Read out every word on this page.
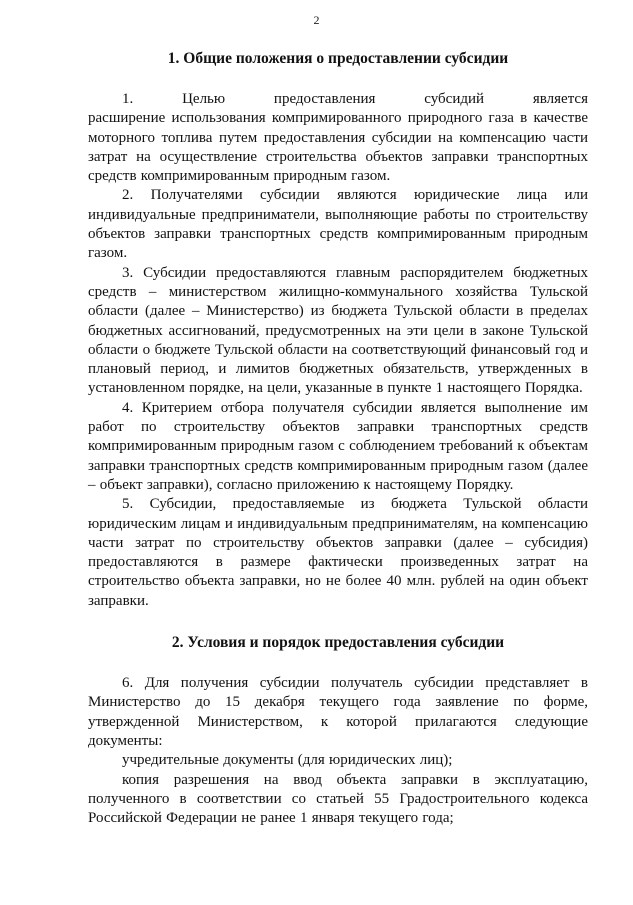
2

1. Общие положения о предоставлении субсидии

1.      Целью      предоставления      субсидий      является      расширение использования компримированного природного газа в качестве моторного топлива путем предоставления субсидии на компенсацию части затрат на осуществление строительства объектов заправки транспортных средств компримированным природным газом.

2. Получателями субсидии являются юридические лица или индивидуальные предприниматели, выполняющие работы по строительству объектов заправки транспортных средств компримированным природным газом.

3. Субсидии предоставляются главным распорядителем бюджетных средств – министерством жилищно-коммунального хозяйства Тульской области (далее – Министерство) из бюджета Тульской области в пределах бюджетных ассигнований, предусмотренных на эти цели в законе Тульской области о бюджете Тульской области на соответствующий финансовый год и плановый период, и лимитов бюджетных обязательств, утвержденных в установленном порядке, на цели, указанные в пункте 1 настоящего Порядка.

4. Критерием отбора получателя субсидии является выполнение им работ по строительству объектов заправки транспортных средств компримированным природным газом с соблюдением требований к объектам заправки транспортных средств компримированным природным газом (далее – объект заправки), согласно приложению к настоящему Порядку.

5. Субсидии, предоставляемые из бюджета Тульской области юридическим лицам и индивидуальным предпринимателям, на компенсацию части затрат по строительству объектов заправки (далее – субсидия) предоставляются в размере фактически произведенных затрат на строительство объекта заправки, но не более 40 млн. рублей на один объект заправки.

2. Условия и порядок предоставления субсидии

6. Для получения субсидии получатель субсидии представляет в Министерство до 15 декабря текущего года заявление по форме, утвержденной Министерством, к которой прилагаются следующие документы:

учредительные документы (для юридических лиц);

копия разрешения на ввод объекта заправки в эксплуатацию, полученного в соответствии со статьей 55 Градостроительного кодекса Российской Федерации не ранее 1 января текущего года;
